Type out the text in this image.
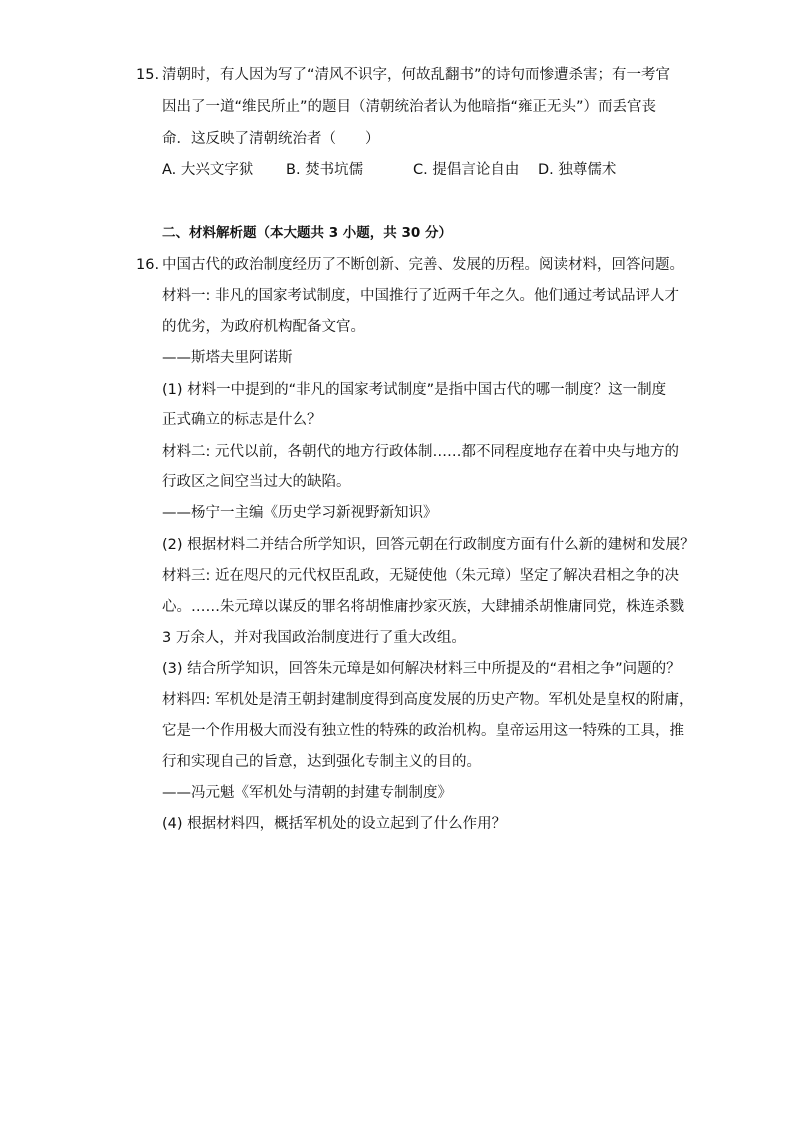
15. 清朝时，有人因为写了“清风不识字，何故乱翻书”的诗句而惨遭杀害；有一考官
因出了一道“维民所止”的题目（清朝统治者认为他暗指“雍正无头”）而丢官丧
命．这反映了清朝统治者（　　）
A. 大兴文字狱 B. 焚书坑儒	C. 提倡言论自由 D. 独尊儒术
二、材料解析题（本大题共 3 小题，共 30 分）
16. 中国古代的政治制度经历了不断创新、完善、发展的历程。阅读材料，回答问题。
材料一: 非凡的国家考试制度，中国推行了近两千年之久。他们通过考试品评人才
的优劣，为政府机构配备文官。
——斯塔夫里阿诺斯
(1) 材料一中提到的“非凡的国家考试制度”是指中国古代的哪一制度？这一制度
正式确立的标志是什么？
材料二: 元代以前，各朝代的地方行政体制……都不同程度地存在着中央与地方的
行政区之间空当过大的缺陷。
——杨宁一主编《历史学习新视野新知识》
(2) 根据材料二并结合所学知识，回答元朝在行政制度方面有什么新的建树和发展？
材料三: 近在咫尺的元代权臣乱政，无疑使他（朱元璋）坚定了解决君相之争的决
心。……朱元璋以谋反的罪名将胡惟庸抄家灭族，大肆捕杀胡惟庸同党，株连杀戮
3 万余人，并对我国政治制度进行了重大改组。
(3) 结合所学知识，回答朱元璋是如何解决材料三中所提及的“君相之争”问题的？
材料四: 军机处是清王朝封建制度得到高度发展的历史产物。军机处是皇权的附庸，
它是一个作用极大而没有独立性的特殊的政治机构。皇帝运用这一特殊的工具，推
行和实现自己的旨意，达到强化专制主义的目的。
——冯元魁《军机处与清朝的封建专制制度》
(4) 根据材料四，概括军机处的设立起到了什么作用？
